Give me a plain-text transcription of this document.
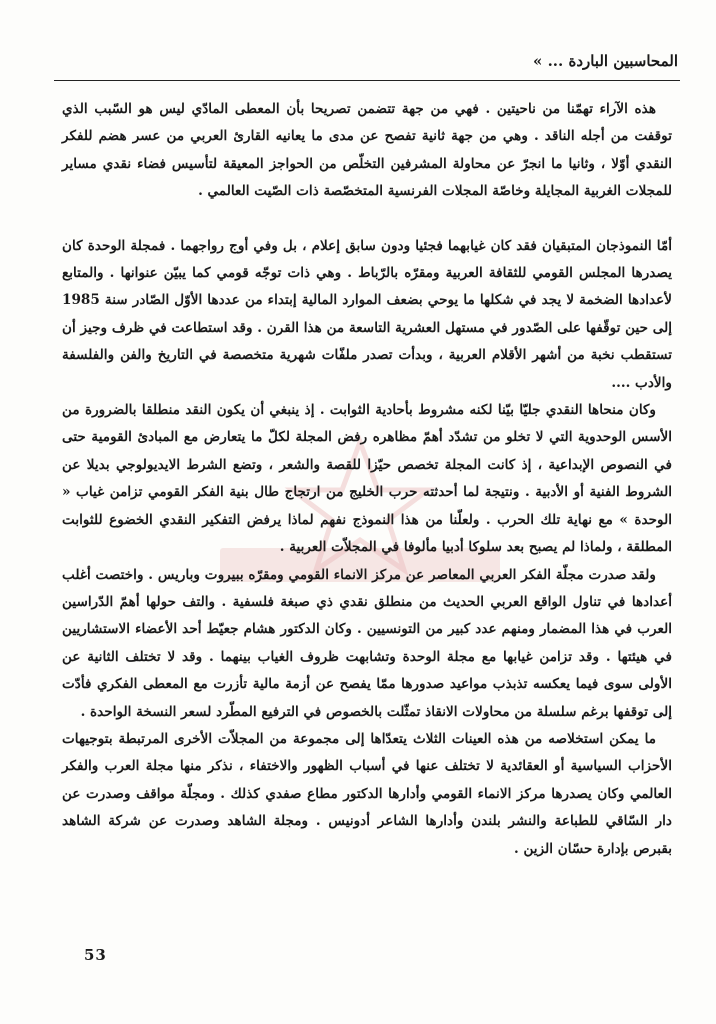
المحاسبين الباردة ... »

هذه الآراء تهمّنا من ناحيتين . فهي من جهة تتضمن تصريحا بأن المعطى المادّي ليس هو السّبب الذي توقفت من أجله الناقد . وهي من جهة ثانية تفصح عن مدى ما يعانيه القارئ العربي من عسر هضم للفكر النقدي أوّلا ، وثانيا ما انجرّ عن محاولة المشرفين التخلّص من الحواجز المعيقة لتأسيس فضاء نقدي مساير للمجلات الغربية المجايلة وخاصّة المجلات الفرنسية المتخصّصة ذات الصّيت العالمي .

أمّا النموذجان المتبقيان فقد كان غيابهما فجئيا ودون سابق إعلام ، بل وفي أوج رواجهما . فمجلة الوحدة كان يصدرها المجلس القومي للثقافة العربية ومقرّه بالرّباط . وهي ذات توجّه قومي كما يبيّن عنوانها . والمتابع لأعدادها الضخمة لا يجد في شكلها ما يوحي بضعف الموارد المالية إبتداء من عددها الأوّل الصّادر سنة 1985 إلى حين توقّفها على الصّدور في مستهل العشرية التاسعة من هذا القرن . وقد استطاعت في ظرف وجيز أن تستقطب نخبة من أشهر الأقلام العربية ، وبدأت تصدر ملفّات شهرية متخصصة في التاريخ والفن والفلسفة والأدب ....

وكان منحاها النقدي جليّا بيّنا لكنه مشروط بأحادية الثوابت . إذ ينبغي أن يكون النقد منطلقا بالضرورة من الأسس الوحدوية التي لا تخلو من تشدّد أهمّ مظاهره رفض المجلة لكلّ ما يتعارض مع المبادئ القومية حتى في النصوص الإبداعية ، إذ كانت المجلة تخصص حيّزا للقصة والشعر ، وتضع الشرط الايديولوجي بديلا عن الشروط الفنية أو الأدبية . ونتيجة لما أحدثته حرب الخليج من ارتجاج طال بنية الفكر القومي تزامن غياب « الوحدة » مع نهاية تلك الحرب . ولعلّنا من هذا النموذج نفهم لماذا يرفض التفكير النقدي الخضوع للثوابت المطلقة ، ولماذا لم يصبح بعد سلوكا أدبيا مألوفا في المجلاّت العربية .

ولقد صدرت مجلّة الفكر العربي المعاصر عن مركز الانماء القومي ومقرّه ببيروت وباريس . واختصت أغلب أعدادها في تناول الواقع العربي الحديث من منطلق نقدي ذي صبغة فلسفية . والتف حولها أهمّ الدّراسين العرب في هذا المضمار ومنهم عدد كبير من التونسيين . وكان الدكتور هشام جعيّط أحد الأعضاء الاستشاريين في هيئتها . وقد تزامن غيابها مع مجلة الوحدة وتشابهت ظروف الغياب بينهما . وقد لا تختلف الثانية عن الأولى سوى فيما يعكسه تذبذب مواعيد صدورها ممّا يفصح عن أزمة مالية تأزرت مع المعطى الفكري فأدّت إلى توقفها برغم سلسلة من محاولات الانقاذ تمثّلت بالخصوص في الترفيع المطّرد لسعر النسخة الواحدة .

ما يمكن استخلاصه من هذه العينات الثلاث يتعدّاها إلى مجموعة من المجلاّت الأخرى المرتبطة بتوجيهات الأحزاب السياسية أو العقائدية لا تختلف عنها في أسباب الظهور والاختفاء ، نذكر منها مجلة العرب والفكر العالمي وكان يصدرها مركز الانماء القومي وأدارها الدكتور مطاع صفدي كذلك . ومجلّة مواقف وصدرت عن دار السّاقي للطباعة والنشر بلندن وأدارها الشاعر أدونيس . ومجلة الشاهد وصدرت عن شركة الشاهد بقبرص بإدارة حسّان الزين .

53
